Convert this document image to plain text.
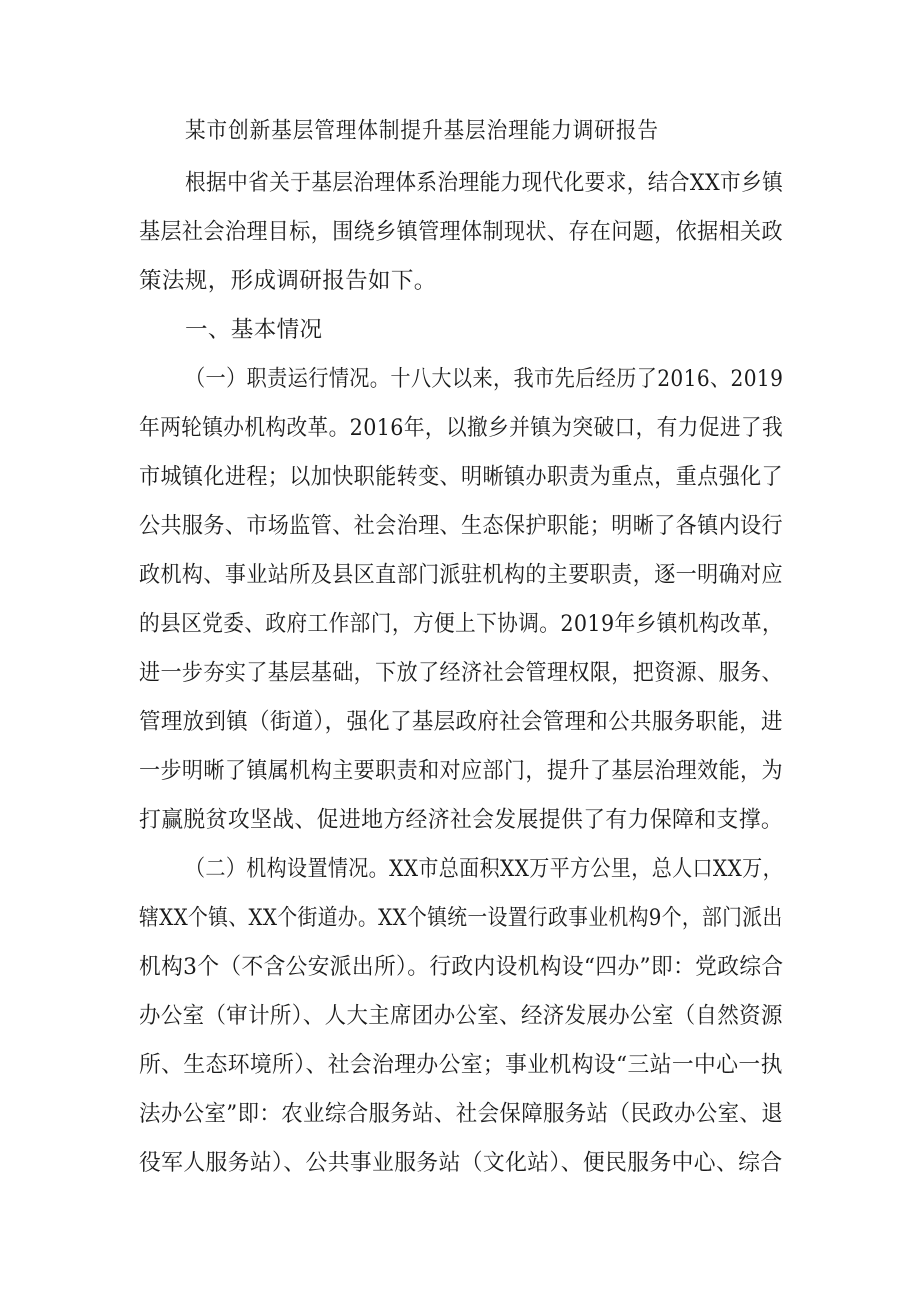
某市创新基层管理体制提升基层治理能力调研报告
根据中省关于基层治理体系治理能力现代化要求，结合XX市乡镇
基层社会治理目标，围绕乡镇管理体制现状、存在问题，依据相关政
策法规，形成调研报告如下。
一、基本情况
（一）职责运行情况。十八大以来，我市先后经历了2016、2019
年两轮镇办机构改革。2016年，以撤乡并镇为突破口，有力促进了我
市城镇化进程；以加快职能转变、明晰镇办职责为重点，重点强化了
公共服务、市场监管、社会治理、生态保护职能；明晰了各镇内设行
政机构、事业站所及县区直部门派驻机构的主要职责，逐一明确对应
的县区党委、政府工作部门，方便上下协调。2019年乡镇机构改革，
进一步夯实了基层基础，下放了经济社会管理权限，把资源、服务、
管理放到镇（街道），强化了基层政府社会管理和公共服务职能，进
一步明晰了镇属机构主要职责和对应部门，提升了基层治理效能，为
打赢脱贫攻坚战、促进地方经济社会发展提供了有力保障和支撑。
（二）机构设置情况。XX市总面积XX万平方公里，总人口XX万，
辖XX个镇、XX个街道办。XX个镇统一设置行政事业机构9个，部门派出
机构3个（不含公安派出所）。行政内设机构设“四办”即：党政综合
办公室（审计所）、人大主席团办公室、经济发展办公室（自然资源
所、生态环境所）、社会治理办公室；事业机构设“三站一中心一执
法办公室”即：农业综合服务站、社会保障服务站（民政办公室、退
役军人服务站）、公共事业服务站（文化站）、便民服务中心、综合
